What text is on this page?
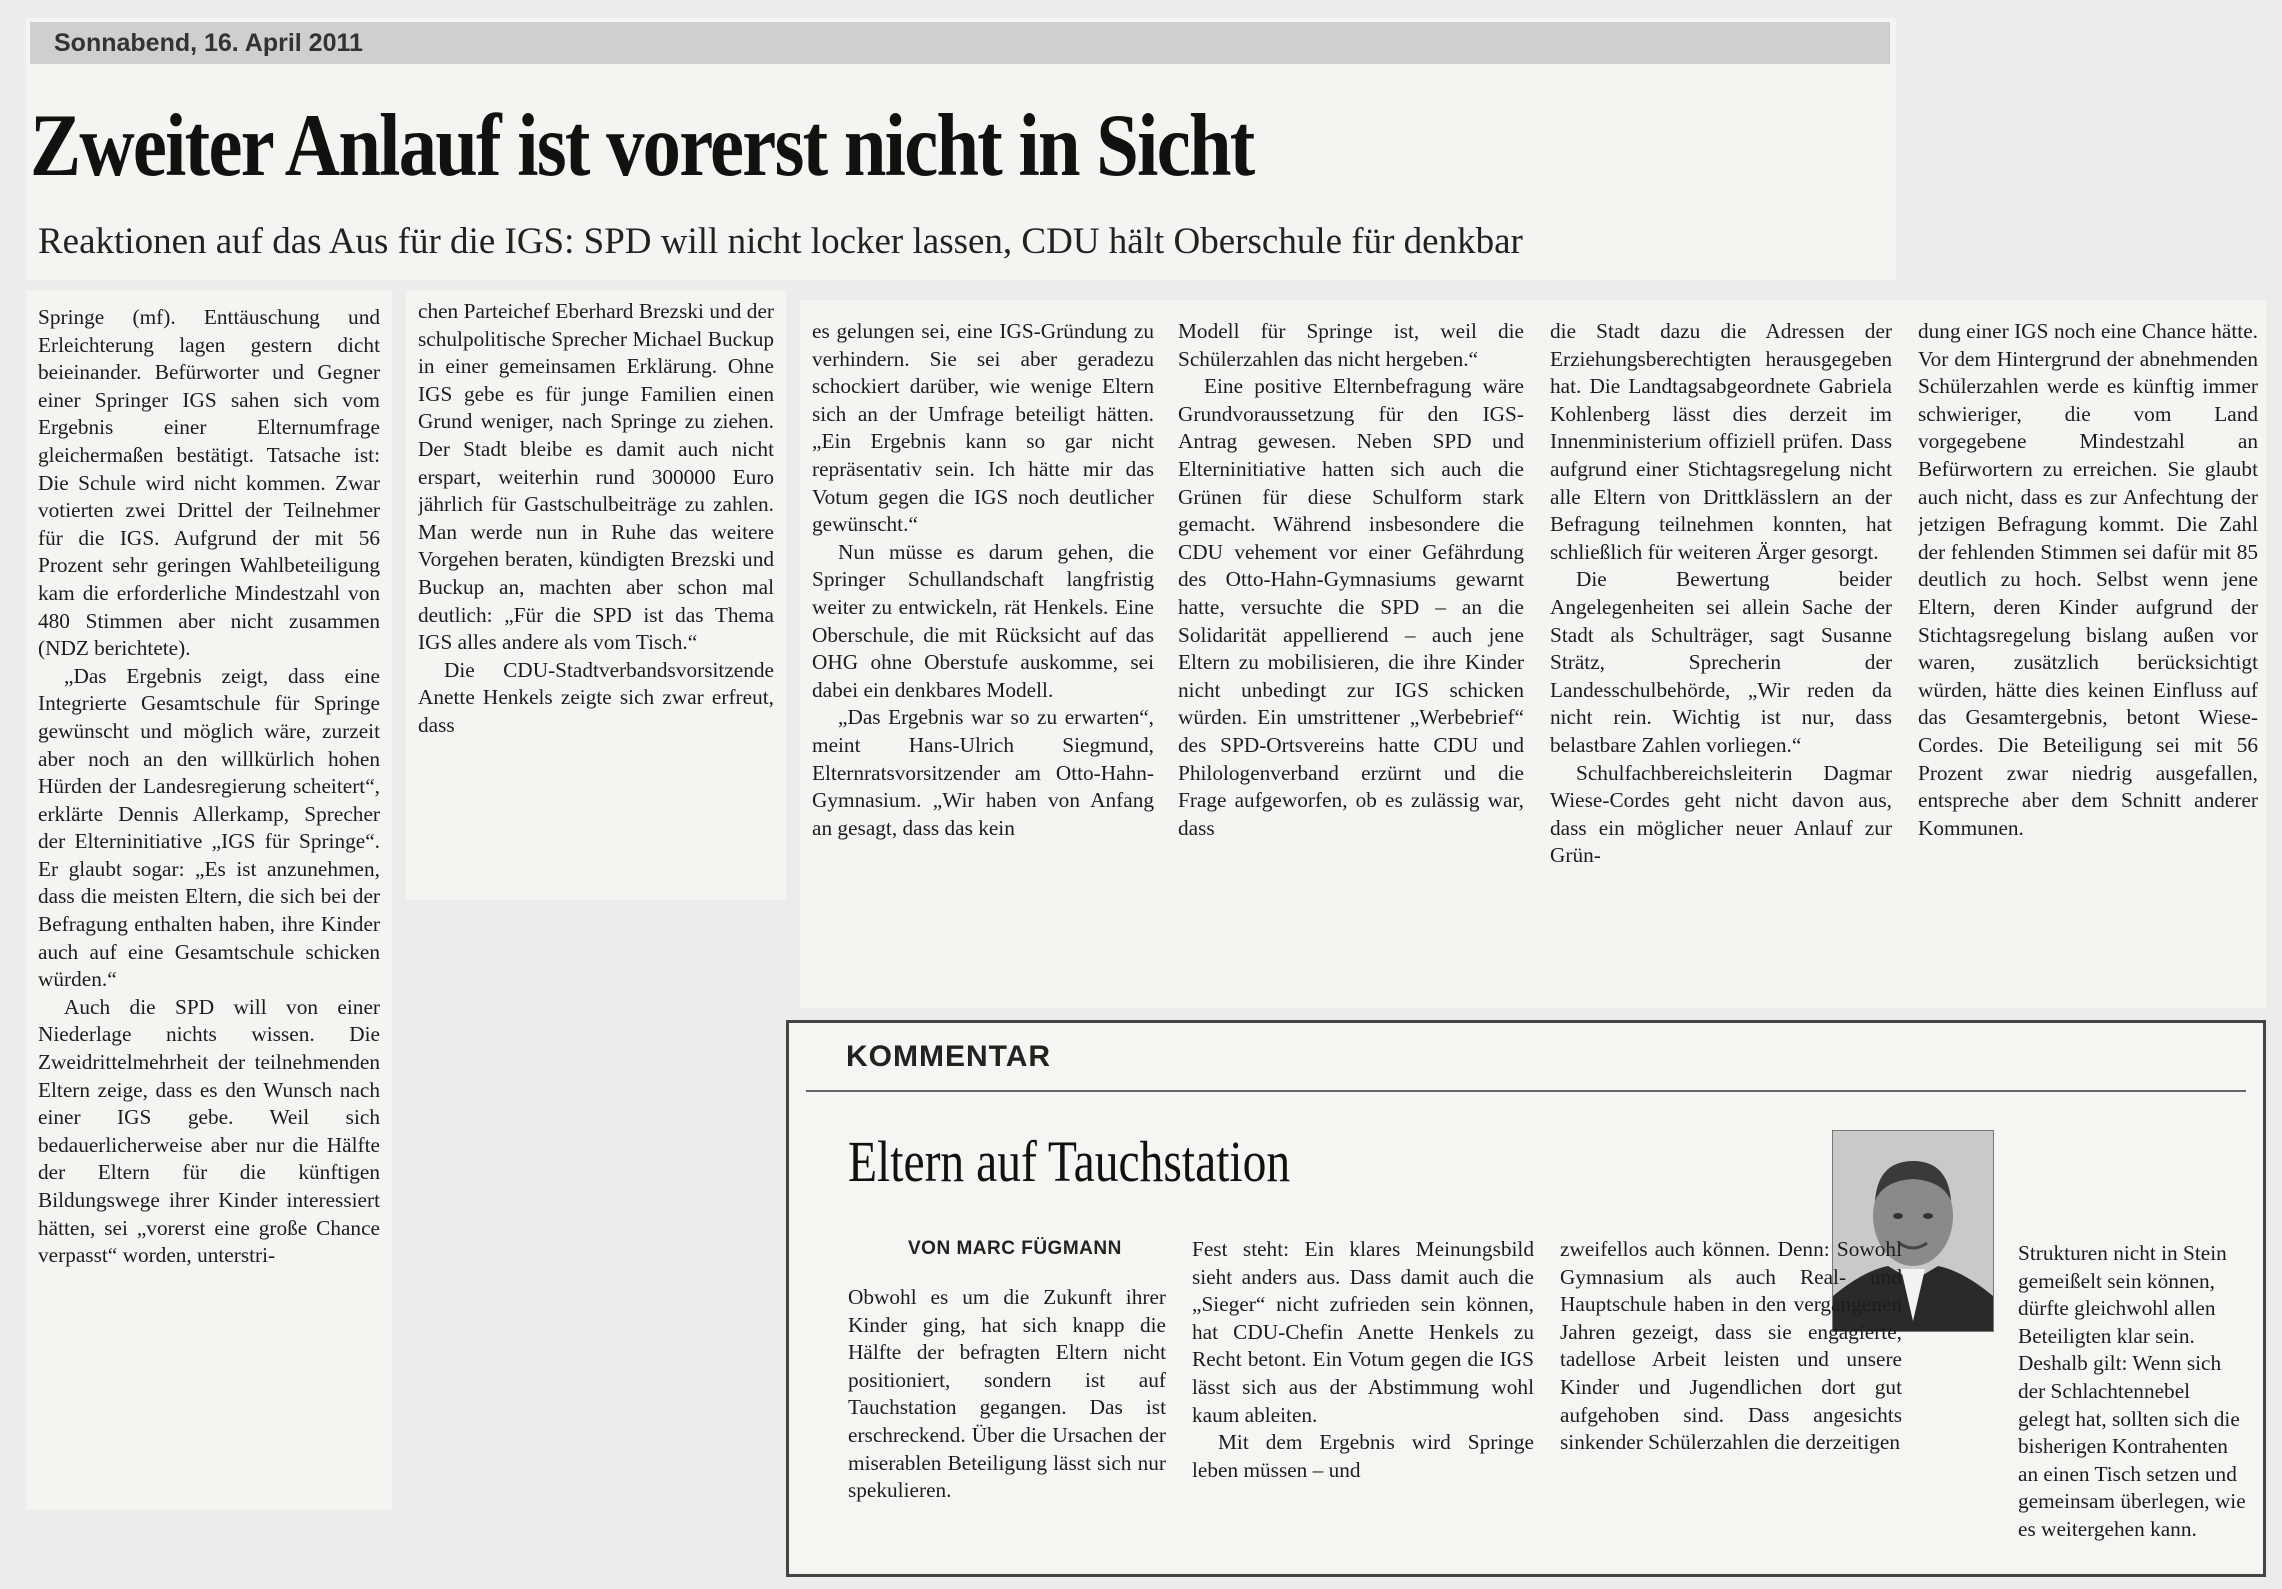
Sonnabend, 16. April 2011
Zweiter Anlauf ist vorerst nicht in Sicht
Reaktionen auf das Aus für die IGS: SPD will nicht locker lassen, CDU hält Oberschule für denkbar

Springe (mf). Enttäuschung und Erleichterung lagen gestern dicht beieinander. Befürworter und Gegner einer Springer IGS sahen sich vom Ergebnis einer Elternumfrage gleichermaßen bestätigt. Tatsache ist: Die Schule wird nicht kommen. Zwar votierten zwei Drittel der Teilnehmer für die IGS. Aufgrund der mit 56 Prozent sehr geringen Wahlbeteiligung kam die erforderliche Mindestzahl von 480 Stimmen aber nicht zusammen (NDZ berichtete).

„Das Ergebnis zeigt, dass eine Integrierte Gesamtschule für Springe gewünscht und möglich wäre, zurzeit aber noch an den willkürlich hohen Hürden der Landesregierung scheitert“, erklärte Dennis Allerkamp, Sprecher der Elterninitiative „IGS für Springe“. Er glaubt sogar: „Es ist anzunehmen, dass die meisten Eltern, die sich bei der Befragung enthalten haben, ihre Kinder auch auf eine Gesamtschule schicken würden.“

Auch die SPD will von einer Niederlage nichts wissen. Die Zweidrittelmehrheit der teilnehmenden Eltern zeige, dass es den Wunsch nach einer IGS gebe. Weil sich bedauerlicherweise aber nur die Hälfte der Eltern für die künftigen Bildungswege ihrer Kinder interessiert hätten, sei „vorerst eine große Chance verpasst“ worden, unterstri-

chen Parteichef Eberhard Brezski und der schulpolitische Sprecher Michael Buckup in einer gemeinsamen Erklärung. Ohne IGS gebe es für junge Familien einen Grund weniger, nach Springe zu ziehen. Der Stadt bleibe es damit auch nicht erspart, weiterhin rund 300000 Euro jährlich für Gastschulbeiträge zu zahlen. Man werde nun in Ruhe das weitere Vorgehen beraten, kündigten Brezski und Buckup an, machten aber schon mal deutlich: „Für die SPD ist das Thema IGS alles andere als vom Tisch.“

Die CDU-Stadtverbandsvorsitzende Anette Henkels zeigte sich zwar erfreut, dass

es gelungen sei, eine IGS-Gründung zu verhindern. Sie sei aber geradezu schockiert darüber, wie wenige Eltern sich an der Umfrage beteiligt hätten. „Ein Ergebnis kann so gar nicht repräsentativ sein. Ich hätte mir das Votum gegen die IGS noch deutlicher gewünscht.“

Nun müsse es darum gehen, die Springer Schullandschaft langfristig weiter zu entwickeln, rät Henkels. Eine Oberschule, die mit Rücksicht auf das OHG ohne Oberstufe auskomme, sei dabei ein denkbares Modell.

„Das Ergebnis war so zu erwarten“, meint Hans-Ulrich Siegmund, Elternratsvorsitzender am Otto-Hahn-Gymnasium. „Wir haben von Anfang an gesagt, dass das kein

Modell für Springe ist, weil die Schülerzahlen das nicht hergeben.“

Eine positive Elternbefragung wäre Grundvoraussetzung für den IGS-Antrag gewesen. Neben SPD und Elterninitiative hatten sich auch die Grünen für diese Schulform stark gemacht. Während insbesondere die CDU vehement vor einer Gefährdung des Otto-Hahn-Gymnasiums gewarnt hatte, versuchte die SPD – an die Solidarität appellierend – auch jene Eltern zu mobilisieren, die ihre Kinder nicht unbedingt zur IGS schicken würden. Ein umstrittener „Werbebrief“ des SPD-Ortsvereins hatte CDU und Philologenverband erzürnt und die Frage aufgeworfen, ob es zulässig war, dass

die Stadt dazu die Adressen der Erziehungsberechtigten herausgegeben hat. Die Landtagsabgeordnete Gabriela Kohlenberg lässt dies derzeit im Innenministerium offiziell prüfen. Dass aufgrund einer Stichtagsregelung nicht alle Eltern von Drittklässlern an der Befragung teilnehmen konnten, hat schließlich für weiteren Ärger gesorgt.

Die Bewertung beider Angelegenheiten sei allein Sache der Stadt als Schulträger, sagt Susanne Strätz, Sprecherin der Landesschulbehörde, „Wir reden da nicht rein. Wichtig ist nur, dass belastbare Zahlen vorliegen.“

Schulfachbereichsleiterin Dagmar Wiese-Cordes geht nicht davon aus, dass ein möglicher neuer Anlauf zur Grün-

dung einer IGS noch eine Chance hätte. Vor dem Hintergrund der abnehmenden Schülerzahlen werde es künftig immer schwieriger, die vom Land vorgegebene Mindestzahl an Befürwortern zu erreichen. Sie glaubt auch nicht, dass es zur Anfechtung der jetzigen Befragung kommt. Die Zahl der fehlenden Stimmen sei dafür mit 85 deutlich zu hoch. Selbst wenn jene Eltern, deren Kinder aufgrund der Stichtagsregelung bislang außen vor waren, zusätzlich berücksichtigt würden, hätte dies keinen Einfluss auf das Gesamtergebnis, betont Wiese-Cordes. Die Beteiligung sei mit 56 Prozent zwar niedrig ausgefallen, entspreche aber dem Schnitt anderer Kommunen.

KOMMENTAR
Eltern auf Tauchstation
VON MARC FÜGMANN

Obwohl es um die Zukunft ihrer Kinder ging, hat sich knapp die Hälfte der befragten Eltern nicht positioniert, sondern ist auf Tauchstation gegangen. Das ist erschreckend. Über die Ursachen der miserablen Beteiligung lässt sich nur spekulieren.

Fest steht: Ein klares Meinungsbild sieht anders aus. Dass damit auch die „Sieger“ nicht zufrieden sein können, hat CDU-Chefin Anette Henkels zu Recht betont. Ein Votum gegen die IGS lässt sich aus der Abstimmung wohl kaum ableiten.

Mit dem Ergebnis wird Springe leben müssen – und

zweifellos auch können. Denn: Sowohl Gymnasium als auch Real- und Hauptschule haben in den vergangenen Jahren gezeigt, dass sie engagierte, tadellose Arbeit leisten und unsere Kinder und Jugendlichen dort gut aufgehoben sind. Dass angesichts sinkender Schülerzahlen die derzeitigen

Strukturen nicht in Stein gemeißelt sein können, dürfte gleichwohl allen Beteiligten klar sein. Deshalb gilt: Wenn sich der Schlachtennebel gelegt hat, sollten sich die bisherigen Kontrahenten an einen Tisch setzen und gemeinsam überlegen, wie es weitergehen kann.
